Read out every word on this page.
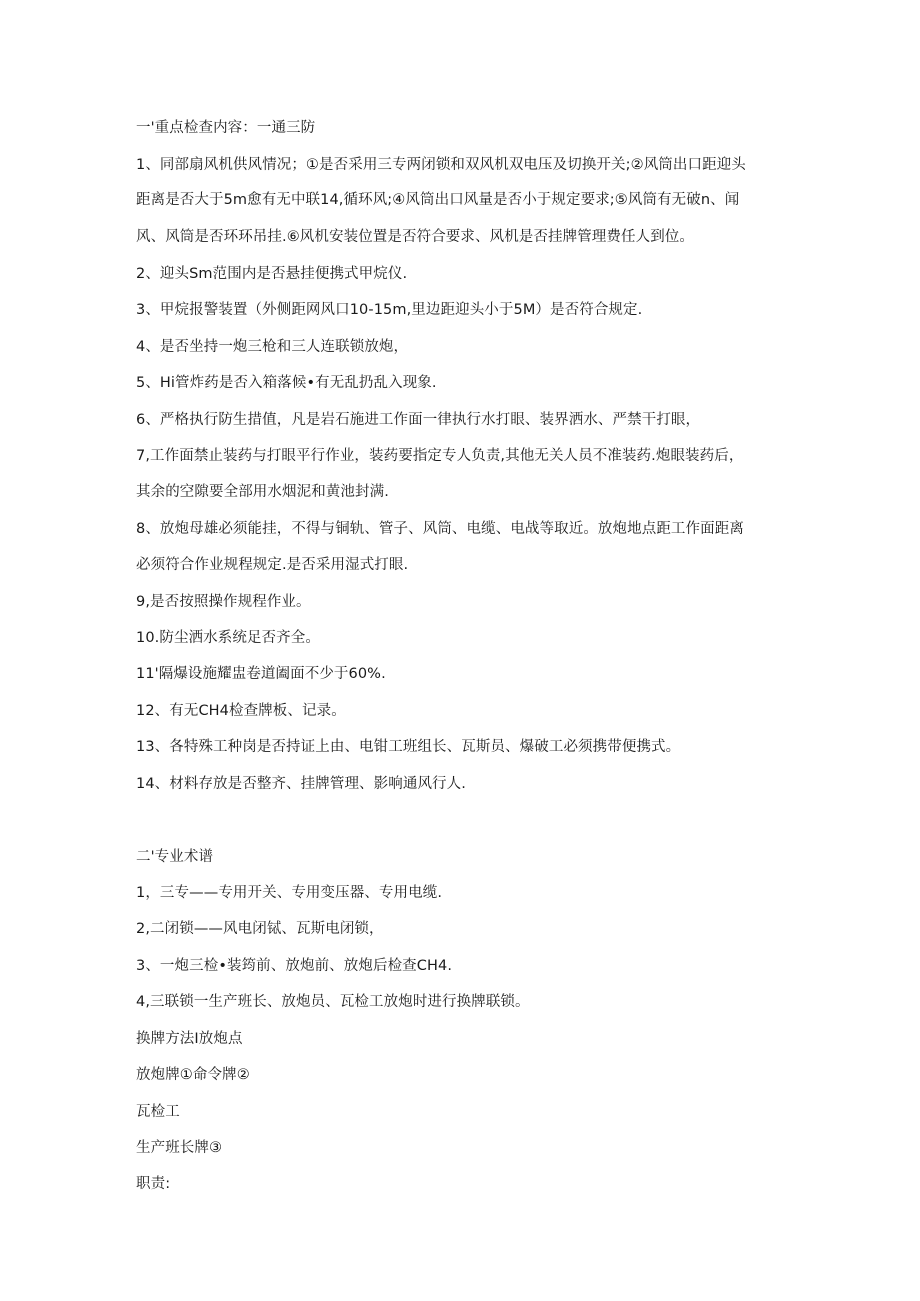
一'重点检查内容：一通三防
1、同部扇风机供风情况；①是否采用三专两闭锁和双风机双电压及切换开关;②风筒出口距迎头
距离是否大于5m愈有无中联14,循环风;④风筒出口风量是否小于规定要求;⑤风筒有无破n、闻
风、风筒是否环环吊挂.⑥风机安装位置是否符合要求、风机是否挂牌管理费任人到位。
2、迎头Sm范围内是否悬挂便携式甲烷仪.
3、甲烷报警装置（外侧距网风口10-15m,里边距迎头小于5M）是否符合规定.
4、是否坐持一炮三枪和三人连联锁放炮，
5、Hi管炸药是否入箱落候•有无乱扔乱入现象.
6、严格执行防生措值，凡是岩石施进工作面一律执行水打眼、装界洒水、严禁干打眼，
7,工作面禁止装药与打眼平行作业，装药要指定专人负责,其他无关人员不准装药.炮眼装药后，
其余的空隙要全部用水烟泥和黄池封满.
8、放炮母雄必须能挂，不得与铜轨、管子、风筒、电缆、电战等取近。放炮地点距工作面距离
必须符合作业规程规定.是否采用湿式打眼.
9,是否按照操作规程作业。
10.防尘洒水系统足否齐全。
11'隔爆设施耀盅卷道阖面不少于60%.
12、有无CH4检查牌板、记录。
13、各特殊工种岗是否持证上由、电钳工班组长、瓦斯员、爆破工必须携带便携式。
14、材料存放是否整齐、挂牌管理、影响通风行人.
二'专业术谱
1，三专——专用开关、专用变压器、专用电缆.
2,二闭锁——风电闭铽、瓦斯电闭锁，
3、一炮三检•装筠前、放炮前、放炮后检查CH4.
4,三联锁一生产班长、放炮员、瓦检工放炮时进行换牌联锁。
换牌方法I放炮点
放炮牌①命令牌②
瓦检工
生产班长牌③
职责:
